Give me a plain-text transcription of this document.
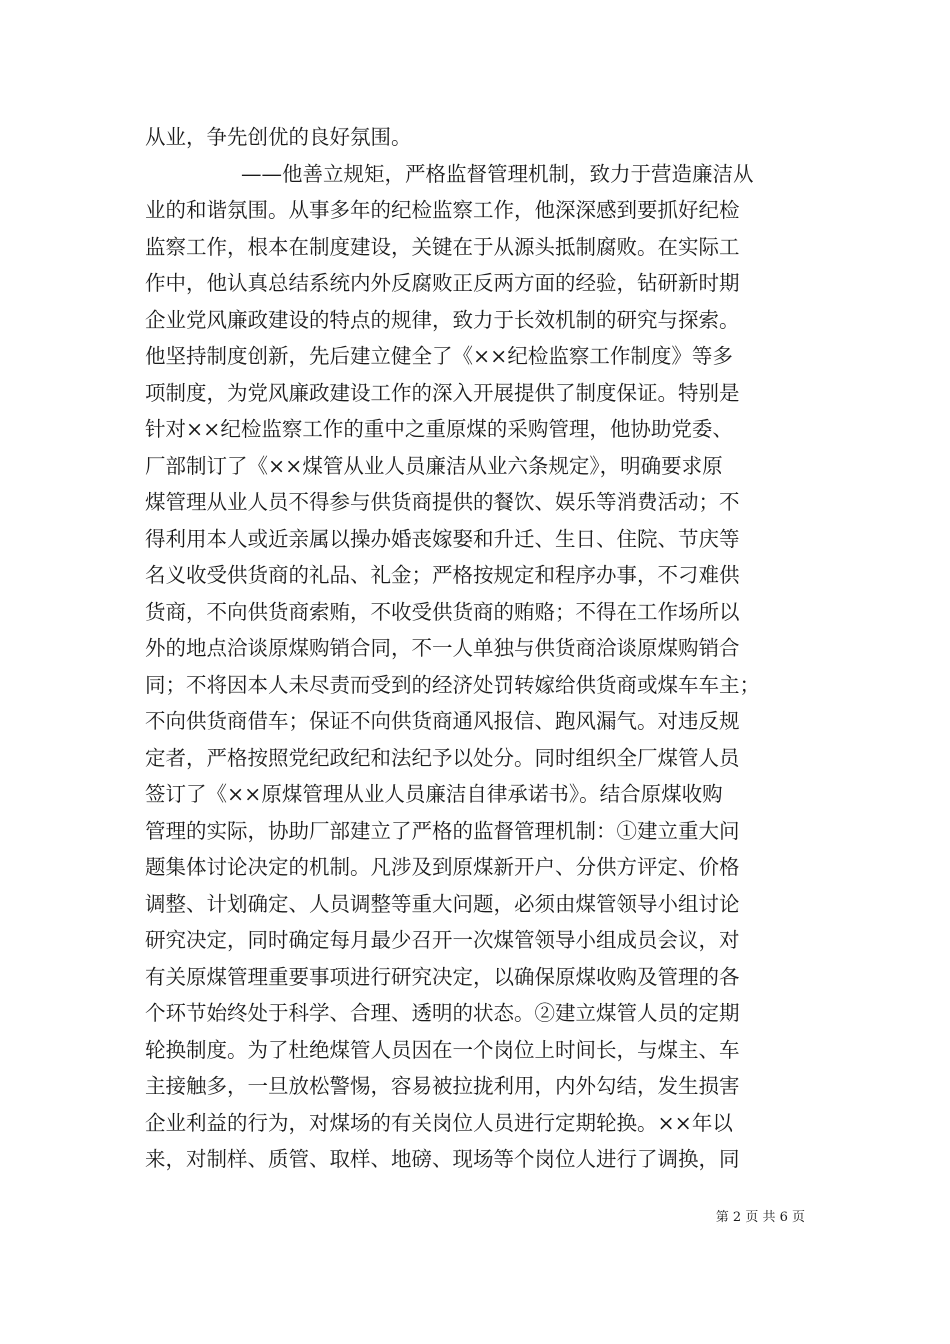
从业，争先创优的良好氛围。
——他善立规矩，严格监督管理机制，致力于营造廉洁从
业的和谐氛围。从事多年的纪检监察工作，他深深感到要抓好纪检
监察工作，根本在制度建设，关键在于从源头抵制腐败。在实际工
作中，他认真总结系统内外反腐败正反两方面的经验，钻研新时期
企业党风廉政建设的特点的规律，致力于长效机制的研究与探索。
他坚持制度创新，先后建立健全了《××纪检监察工作制度》等多
项制度，为党风廉政建设工作的深入开展提供了制度保证。特别是
针对××纪检监察工作的重中之重原煤的采购管理，他协助党委、
厂部制订了《××煤管从业人员廉洁从业六条规定》，明确要求原
煤管理从业人员不得参与供货商提供的餐饮、娱乐等消费活动；不
得利用本人或近亲属以操办婚丧嫁娶和升迁、生日、住院、节庆等
名义收受供货商的礼品、礼金；严格按规定和程序办事，不刁难供
货商，不向供货商索贿，不收受供货商的贿赂；不得在工作场所以
外的地点洽谈原煤购销合同，不一人单独与供货商洽谈原煤购销合
同；不将因本人未尽责而受到的经济处罚转嫁给供货商或煤车车主；
不向供货商借车；保证不向供货商通风报信、跑风漏气。对违反规
定者，严格按照党纪政纪和法纪予以处分。同时组织全厂煤管人员
签订了《××原煤管理从业人员廉洁自律承诺书》。结合原煤收购
管理的实际，协助厂部建立了严格的监督管理机制：①建立重大问
题集体讨论决定的机制。凡涉及到原煤新开户、分供方评定、价格
调整、计划确定、人员调整等重大问题，必须由煤管领导小组讨论
研究决定，同时确定每月最少召开一次煤管领导小组成员会议，对
有关原煤管理重要事项进行研究决定，以确保原煤收购及管理的各
个环节始终处于科学、合理、透明的状态。②建立煤管人员的定期
轮换制度。为了杜绝煤管人员因在一个岗位上时间长，与煤主、车
主接触多，一旦放松警惕，容易被拉拢利用，内外勾结，发生损害
企业利益的行为，对煤场的有关岗位人员进行定期轮换。××年以
来，对制样、质管、取样、地磅、现场等个岗位人进行了调换，同
第 2 页 共 6 页
